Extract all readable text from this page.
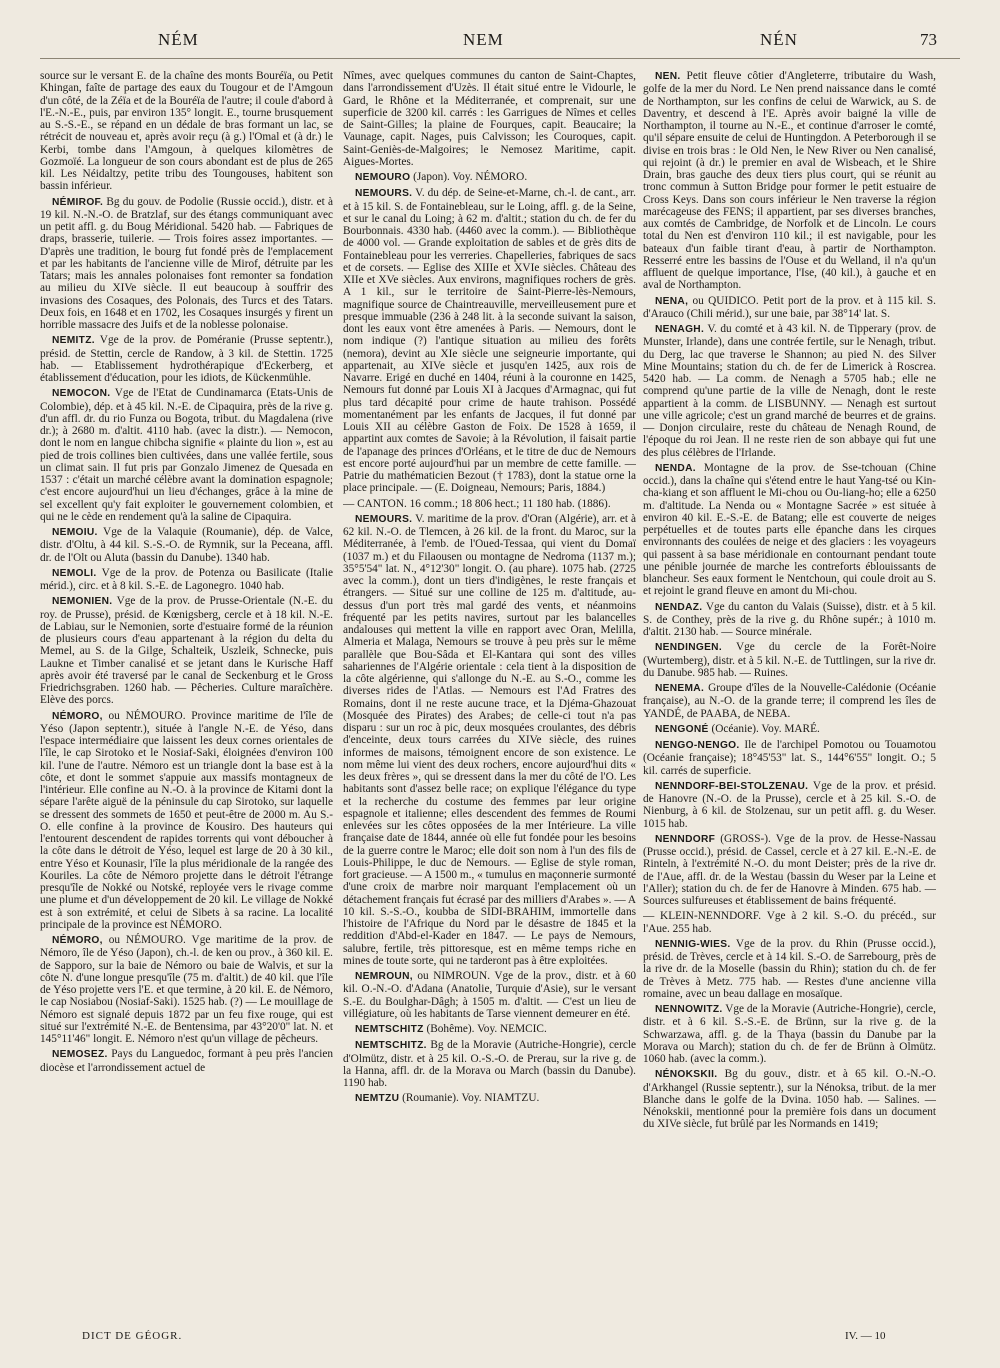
NÉM	NEM	NÉN	73

source sur le versant E. de la chaîne des monts Bouréïa, ou Petit Khingan, faîte de partage des eaux du Tougour et de l'Amgoun d'un côté, de la Zéïa et de la Bouréïa de l'autre; il coule d'abord à l'E.-N.-E., puis, par environ 135° longit. E., tourne brusquement au S.-S.-E., se répand en un dédale de bras formant un lac, se rétrécit de nouveau et, après avoir reçu (à g.) l'Omal et (à dr.) le Kerbi, tombe dans l'Amgoun, à quelques kilomètres de Gozmoïé. La longueur de son cours abondant est de plus de 265 kil. Les Néidaltzy, petite tribu des Toungouses, habitent son bassin inférieur.

NÉMIROF. Bg du gouv. de Podolie (Russie occid.), distr. et à 19 kil. N.-N.-O. de Bratzlaf, sur des étangs communiquant avec un petit affl. g. du Boug Méridional. 5420 hab. — Fabriques de draps, brasserie, tuilerie. — Trois foires assez importantes. — D'après une tradition, le bourg fut fondé près de l'emplacement et par les habitants de l'ancienne ville de Mirof, détruite par les Tatars; mais les annales polonaises font remonter sa fondation au milieu du XIVe siècle. Il eut beaucoup à souffrir des invasions des Cosaques, des Polonais, des Turcs et des Tatars. Deux fois, en 1648 et en 1702, les Cosaques insurgés y firent un horrible massacre des Juifs et de la noblesse polonaise.

NEMITZ. Vge de la prov. de Poméranie (Prusse septentr.), présid. de Stettin, cercle de Randow, à 3 kil. de Stettin. 1725 hab. — Etablissement hydrothérapique d'Eckerberg, et établissement d'éducation, pour les idiots, de Kückenmühle.

NEMOCON. Vge de l'Etat de Cundinamarca (Etats-Unis de Colombie), dép. et à 45 kil. N.-E. de Cipaquira, près de la rive g. d'un affl. dr. du rio Funza ou Bogota, tribut. du Magdalena (rive dr.); à 2680 m. d'altit. 4110 hab. (avec la distr.). — Nemocon, dont le nom en langue chibcha signifie « plainte du lion », est au pied de trois collines bien cultivées, dans une vallée fertile, sous un climat sain. Il fut pris par Gonzalo Jimenez de Quesada en 1537 : c'était un marché célèbre avant la domination espagnole; c'est encore aujourd'hui un lieu d'échanges, grâce à la mine de sel excellent qu'y fait exploiter le gouvernement colombien, et qui ne le cède en rendement qu'à la saline de Cipaquira.

NEMOIU. Vge de la Valaquie (Roumanie), dép. de Valce, distr. d'Oltu, à 44 kil. S.-S.-O. de Rymnik, sur la Peceana, affl. dr. de l'Olt ou Aluta (bassin du Danube). 1340 hab.

NEMOLI. Vge de la prov. de Potenza ou Basilicate (Italie mérid.), circ. et à 8 kil. S.-E. de Lagonegro. 1040 hab.

NEMONIEN. Vge de la prov. de Prusse-Orientale (N.-E. du roy. de Prusse), présid. de Kœnigsberg, cercle et à 18 kil. N.-E. de Labiau, sur le Nemonien, sorte d'estuaire formé de la réunion de plusieurs cours d'eau appartenant à la région du delta du Memel, au S. de la Gilge, Schalteik, Uszleik, Schnecke, puis Laukne et Timber canalisé et se jetant dans le Kurische Haff après avoir été traversé par le canal de Seckenburg et le Gross Friedrichsgraben. 1260 hab. — Pêcheries. Culture maraîchère. Elève des porcs.

NÉMORO, ou NÉMOURO. Province maritime de l'île de Yéso (Japon septentr.), située à l'angle N.-E. de Yéso, dans l'espace intermédiaire que laissent les deux cornes orientales de l'île, le cap Sirotoko et le Nosiaf-Saki, éloignées d'environ 100 kil. l'une de l'autre. Némoro est un triangle dont la base est à la côte, et dont le sommet s'appuie aux massifs montagneux de l'intérieur. Elle confine au N.-O. à la province de Kitami dont la sépare l'arête aiguë de la péninsule du cap Sirotoko, sur laquelle se dressent des sommets de 1650 et peut-être de 2000 m. Au S.-O. elle confine à la province de Kousiro. Des hauteurs qui l'entourent descendent de rapides torrents qui vont déboucher à la côte dans le détroit de Yéso, lequel est large de 20 à 30 kil., entre Yéso et Kounasir, l'île la plus méridionale de la rangée des Kouriles. La côte de Némoro projette dans le détroit l'étrange presqu'île de Nokké ou Notské, reployée vers le rivage comme une plume et d'un développement de 20 kil. Le village de Nokké est à son extrémité, et celui de Sibets à sa racine. La localité principale de la province est NÉMORO.

NÉMORO, ou NÉMOURO. Vge maritime de la prov. de Némoro, île de Yéso (Japon), ch.-l. de ken ou prov., à 360 kil. E. de Sapporo, sur la baie de Némoro ou baie de Walvis, et sur la côte N. d'une longue presqu'île (75 m. d'altit.) de 40 kil. que l'île de Yéso projette vers l'E. et que termine, à 20 kil. E. de Némoro, le cap Nosiabou (Nosiaf-Saki). 1525 hab. (?) — Le mouillage de Némoro est signalé depuis 1872 par un feu fixe rouge, qui est situé sur l'extrémité N.-E. de Bentensima, par 43°20'0" lat. N. et 145°11'46" longit. E. Némoro n'est qu'un village de pêcheurs.

NEMOSEZ. Pays du Languedoc, formant à peu près l'ancien diocèse et l'arrondissement actuel de

Nîmes, avec quelques communes du canton de Saint-Chaptes, dans l'arrondissement d'Uzès. Il était situé entre le Vidourle, le Gard, le Rhône et la Méditerranée, et comprenait, sur une superficie de 3200 kil. carrés : les Garrigues de Nîmes et celles de Saint-Gilles; la plaine de Fourques, capit. Beaucaire; la Vaunage, capit. Nages, puis Calvisson; les Couroques, capit. Saint-Geniès-de-Malgoires; le Nemosez Maritime, capit. Aigues-Mortes.

NEMOURO (Japon). Voy. NÉMORO.

NEMOURS. V. du dép. de Seine-et-Marne, ch.-l. de cant., arr. et à 15 kil. S. de Fontainebleau, sur le Loing, affl. g. de la Seine, et sur le canal du Loing; à 62 m. d'altit.; station du ch. de fer du Bourbonnais. 4330 hab. (4460 avec la comm.). — Bibliothèque de 4000 vol. — Grande exploitation de sables et de grès dits de Fontainebleau pour les verreries. Chapelleries, fabriques de sacs et de corsets. — Eglise des XIIIe et XVIe siècles. Château des XIIe et XVe siècles. Aux environs, magnifiques rochers de grès. A 1 kil., sur le territoire de Saint-Pierre-lès-Nemours, magnifique source de Chaintreauville, merveilleusement pure et presque immuable (236 à 248 lit. à la seconde suivant la saison, dont les eaux vont être amenées à Paris. — Nemours, dont le nom indique (?) l'antique situation au milieu des forêts (nemora), devint au XIe siècle une seigneurie importante, qui appartenait, au XIVe siècle et jusqu'en 1425, aux rois de Navarre. Erigé en duché en 1404, réuni à la couronne en 1425, Nemours fut donné par Louis XI à Jacques d'Armagnac, qui fut plus tard décapité pour crime de haute trahison. Possédé momentanément par les enfants de Jacques, il fut donné par Louis XII au célèbre Gaston de Foix. De 1528 à 1659, il appartint aux comtes de Savoie; à la Révolution, il faisait partie de l'apanage des princes d'Orléans, et le titre de duc de Nemours est encore porté aujourd'hui par un membre de cette famille. — Patrie du mathématicien Bezout († 1783), dont la statue orne la place principale. — (E. Doigneau, Nemours; Paris, 1884.)

— CANTON. 16 comm.; 18 806 hect.; 11 180 hab. (1886).

NEMOURS. V. maritime de la prov. d'Oran (Algérie), arr. et à 62 kil. N.-O. de Tlemcen, à 26 kil. de la front. du Maroc, sur la Méditerranée, à l'emb. de l'Oued-Tessaa, qui vient du Domaï (1037 m.) et du Filaousen ou montagne de Nedroma (1137 m.); 35°5'54" lat. N., 4°12'30" longit. O. (au phare). 1075 hab. (2725 avec la comm.), dont un tiers d'indigènes, le reste français et étrangers. — Situé sur une colline de 125 m. d'altitude, au-dessus d'un port très mal gardé des vents, et néanmoins fréquenté par les petits navires, surtout par les balancelles andalouses qui mettent la ville en rapport avec Oran, Melilla, Almeria et Malaga, Nemours se trouve à peu près sur le même parallèle que Bou-Sâda et El-Kantara qui sont des villes sahariennes de l'Algérie orientale : cela tient à la disposition de la côte algérienne, qui s'allonge du N.-E. au S.-O., comme les diverses rides de l'Atlas. — Nemours est l'Ad Fratres des Romains, dont il ne reste aucune trace, et la Djéma-Ghazouat (Mosquée des Pirates) des Arabes; de celle-ci tout n'a pas disparu : sur un roc à pic, deux mosquées croulantes, des débris d'enceinte, deux tours carrées du XIVe siècle, des ruines informes de maisons, témoignent encore de son existence. Le nom même lui vient des deux rochers, encore aujourd'hui dits « les deux frères », qui se dressent dans la mer du côté de l'O. Les habitants sont d'assez belle race; on explique l'élégance du type et la recherche du costume des femmes par leur origine espagnole et italienne; elles descendent des femmes de Roumi enlevées sur les côtes opposées de la mer Intérieure. La ville française date de 1844, année où elle fut fondée pour les besoins de la guerre contre le Maroc; elle doit son nom à l'un des fils de Louis-Philippe, le duc de Nemours. — Eglise de style roman, fort gracieuse. — A 1500 m., « tumulus en maçonnerie surmonté d'une croix de marbre noir marquant l'emplacement où un détachement français fut écrasé par des milliers d'Arabes ». — A 10 kil. S.-S.-O., koubba de SIDI-BRAHIM, immortelle dans l'histoire de l'Afrique du Nord par le désastre de 1845 et la reddition d'Abd-el-Kader en 1847. — Le pays de Nemours, salubre, fertile, très pittoresque, est en même temps riche en mines de toute sorte, qui ne tarderont pas à être exploitées.

NEMROUN, ou NIMROUN. Vge de la prov., distr. et à 60 kil. O.-N.-O. d'Adana (Anatolie, Turquie d'Asie), sur le versant S.-E. du Boulghar-Dâgh; à 1505 m. d'altit. — C'est un lieu de villégiature, où les habitants de Tarse viennent demeurer en été.

NEMTSCHITZ (Bohême). Voy. NEMCIC.

NEMTSCHITZ. Bg de la Moravie (Autriche-Hongrie), cercle d'Olmütz, distr. et à 25 kil. O.-S.-O. de Prerau, sur la rive g. de la Hanna, affl. dr. de la Morava ou March (bassin du Danube). 1190 hab.

NEMTZU (Roumanie). Voy. NIAMTZU.

NEN. Petit fleuve côtier d'Angleterre, tributaire du Wash, golfe de la mer du Nord. Le Nen prend naissance dans le comté de Northampton, sur les confins de celui de Warwick, au S. de Daventry, et descend à l'E. Après avoir baigné la ville de Northampton, il tourne au N.-E., et continue d'arroser le comté, qu'il sépare ensuite de celui de Huntingdon. A Peterborough il se divise en trois bras : le Old Nen, le New River ou Nen canalisé, qui rejoint (à dr.) le premier en aval de Wisbeach, et le Shire Drain, bras gauche des deux tiers plus court, qui se réunit au tronc commun à Sutton Bridge pour former le petit estuaire de Cross Keys. Dans son cours inférieur le Nen traverse la région marécageuse des FENS; il appartient, par ses diverses branches, aux comtés de Cambridge, de Norfolk et de Lincoln. Le cours total du Nen est d'environ 110 kil.; il est navigable, pour les bateaux d'un faible tirant d'eau, à partir de Northampton. Resserré entre les bassins de l'Ouse et du Welland, il n'a qu'un affluent de quelque importance, l'Ise, (40 kil.), à gauche et en aval de Northampton.

NENA, ou QUIDICO. Petit port de la prov. et à 115 kil. S. d'Arauco (Chili mérid.), sur une baie, par 38°14' lat. S.

NENAGH. V. du comté et à 43 kil. N. de Tipperary (prov. de Munster, Irlande), dans une contrée fertile, sur le Nenagh, tribut. du Derg, lac que traverse le Shannon; au pied N. des Silver Mine Mountains; station du ch. de fer de Limerick à Roscrea. 5420 hab. — La comm. de Nenagh a 5705 hab.; elle ne comprend qu'une partie de la ville de Nenagh, dont le reste appartient à la comm. de LISBUNNY. — Nenagh est surtout une ville agricole; c'est un grand marché de beurres et de grains. — Donjon circulaire, reste du château de Nenagh Round, de l'époque du roi Jean. Il ne reste rien de son abbaye qui fut une des plus célèbres de l'Irlande.

NENDA. Montagne de la prov. de Sse-tchouan (Chine occid.), dans la chaîne qui s'étend entre le haut Yang-tsé ou Kin-cha-kiang et son affluent le Mi-chou ou Ou-liang-ho; elle a 6250 m. d'altitude. La Nenda ou « Montagne Sacrée » est située à environ 40 kil. E.-S.-E. de Batang; elle est couverte de neiges perpétuelles et de toutes parts elle épanche dans les cirques environnants des coulées de neige et des glaciers : les voyageurs qui passent à sa base méridionale en contournant pendant toute une pénible journée de marche les contreforts éblouissants de blancheur. Ses eaux forment le Nentchoun, qui coule droit au S. et rejoint le grand fleuve en amont du Mi-chou.

NENDAZ. Vge du canton du Valais (Suisse), distr. et à 5 kil. S. de Conthey, près de la rive g. du Rhône supér.; à 1010 m. d'altit. 2130 hab. — Source minérale.

NENDINGEN. Vge du cercle de la Forêt-Noire (Wurtemberg), distr. et à 5 kil. N.-E. de Tuttlingen, sur la rive dr. du Danube. 985 hab. — Ruines.

NENEMA. Groupe d'îles de la Nouvelle-Calédonie (Océanie française), au N.-O. de la grande terre; il comprend les îles de YANDÉ, de PAABA, de NEBA.

NENGONÉ (Océanie). Voy. MARÉ.

NENGO-NENGO. Ile de l'archipel Pomotou ou Touamotou (Océanie française); 18°45'53" lat. S., 144°6'55" longit. O.; 5 kil. carrés de superficie.

NENNDORF-BEI-STOLZENAU. Vge de la prov. et présid. de Hanovre (N.-O. de la Prusse), cercle et à 25 kil. S.-O. de Nienburg, à 6 kil. de Stolzenau, sur un petit affl. g. du Weser. 1015 hab.

NENNDORF (GROSS-). Vge de la prov. de Hesse-Nassau (Prusse occid.), présid. de Cassel, cercle et à 27 kil. E.-N.-E. de Rinteln, à l'extrémité N.-O. du mont Deister; près de la rive dr. de l'Aue, affl. dr. de la Westau (bassin du Weser par la Leine et l'Aller); station du ch. de fer de Hanovre à Minden. 675 hab. — Sources sulfureuses et établissement de bains fréquenté.

— KLEIN-NENNDORF. Vge à 2 kil. S.-O. du précéd., sur l'Aue. 255 hab.

NENNIG-WIES. Vge de la prov. du Rhin (Prusse occid.), présid. de Trèves, cercle et à 14 kil. S.-O. de Sarrebourg, près de la rive dr. de la Moselle (bassin du Rhin); station du ch. de fer de Trèves à Metz. 775 hab. — Restes d'une ancienne villa romaine, avec un beau dallage en mosaïque.

NENNOWITZ. Vge de la Moravie (Autriche-Hongrie), cercle, distr. et à 6 kil. S.-S.-E. de Brünn, sur la rive g. de la Schwarzawa, affl. g. de la Thaya (bassin du Danube par la Morava ou March); station du ch. de fer de Brünn à Olmütz. 1060 hab. (avec la comm.).

NÉNOKSKII. Bg du gouv., distr. et à 65 kil. O.-N.-O. d'Arkhangel (Russie septentr.), sur la Nénoksa, tribut. de la mer Blanche dans le golfe de la Dvina. 1050 hab. — Salines. — Nénokskii, mentionné pour la première fois dans un document du XIVe siècle, fut brûlé par les Normands en 1419;

DICT DE GÉOGR.	IV. — 10
